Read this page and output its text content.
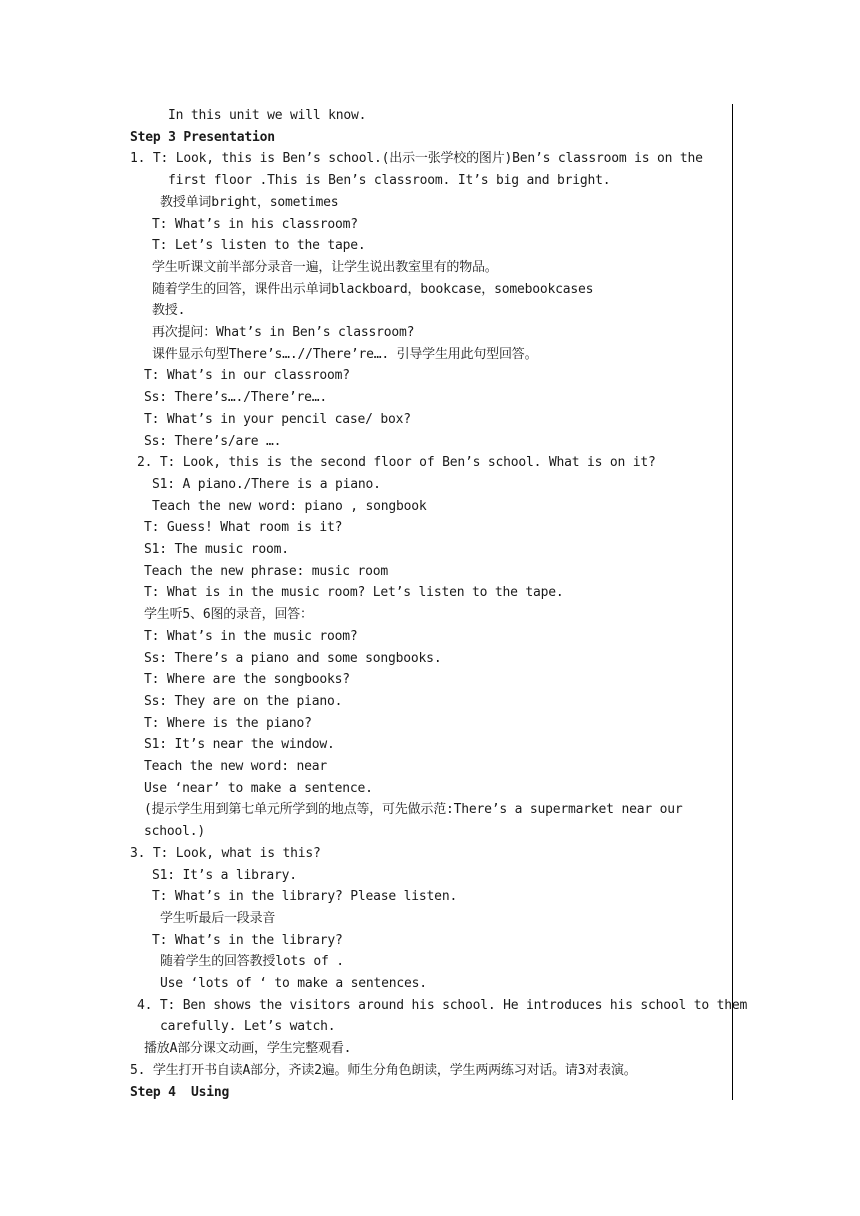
In this unit we will know.
Step 3 Presentation
1. T: Look, this is Ben’s school.(出示一张学校的图片)Ben’s classroom is on the
first floor .This is Ben’s classroom. It’s big and bright.
教授单词bright，sometimes
T: What’s in his classroom?
T: Let’s listen to the tape.
学生听课文前半部分录音一遍，让学生说出教室里有的物品。
随着学生的回答，课件出示单词blackboard，bookcase，somebookcases
教授.
再次提问：What’s in Ben’s classroom?
课件显示句型There’s….//There’re…. 引导学生用此句型回答。
T: What’s in our classroom?
Ss: There’s…./There’re….
T: What’s in your pencil case/ box?
Ss: There’s/are ….
2. T: Look, this is the second floor of Ben’s school. What is on it?
S1: A piano./There is a piano.
Teach the new word: piano , songbook
T: Guess! What room is it?
S1: The music room.
Teach the new phrase: music room
T: What is in the music room? Let’s listen to the tape.
学生听5、6图的录音，回答：
T: What’s in the music room?
Ss: There’s a piano and some songbooks.
T: Where are the songbooks?
Ss: They are on the piano.
T: Where is the piano?
S1: It’s near the window.
Teach the new word: near
Use ‘near’ to make a sentence.
(提示学生用到第七单元所学到的地点等，可先做示范:There’s a supermarket near our
school.)
3. T: Look, what is this?
S1: It’s a library.
T: What’s in the library? Please listen.
学生听最后一段录音
T: What’s in the library?
随着学生的回答教授lots of .
Use ‘lots of ‘ to make a sentences.
4. T: Ben shows the visitors around his school. He introduces his school to them
carefully. Let’s watch.
播放A部分课文动画，学生完整观看.
5. 学生打开书自读A部分，齐读2遍。师生分角色朗读，学生两两练习对话。请3对表演。
Step 4  Using
